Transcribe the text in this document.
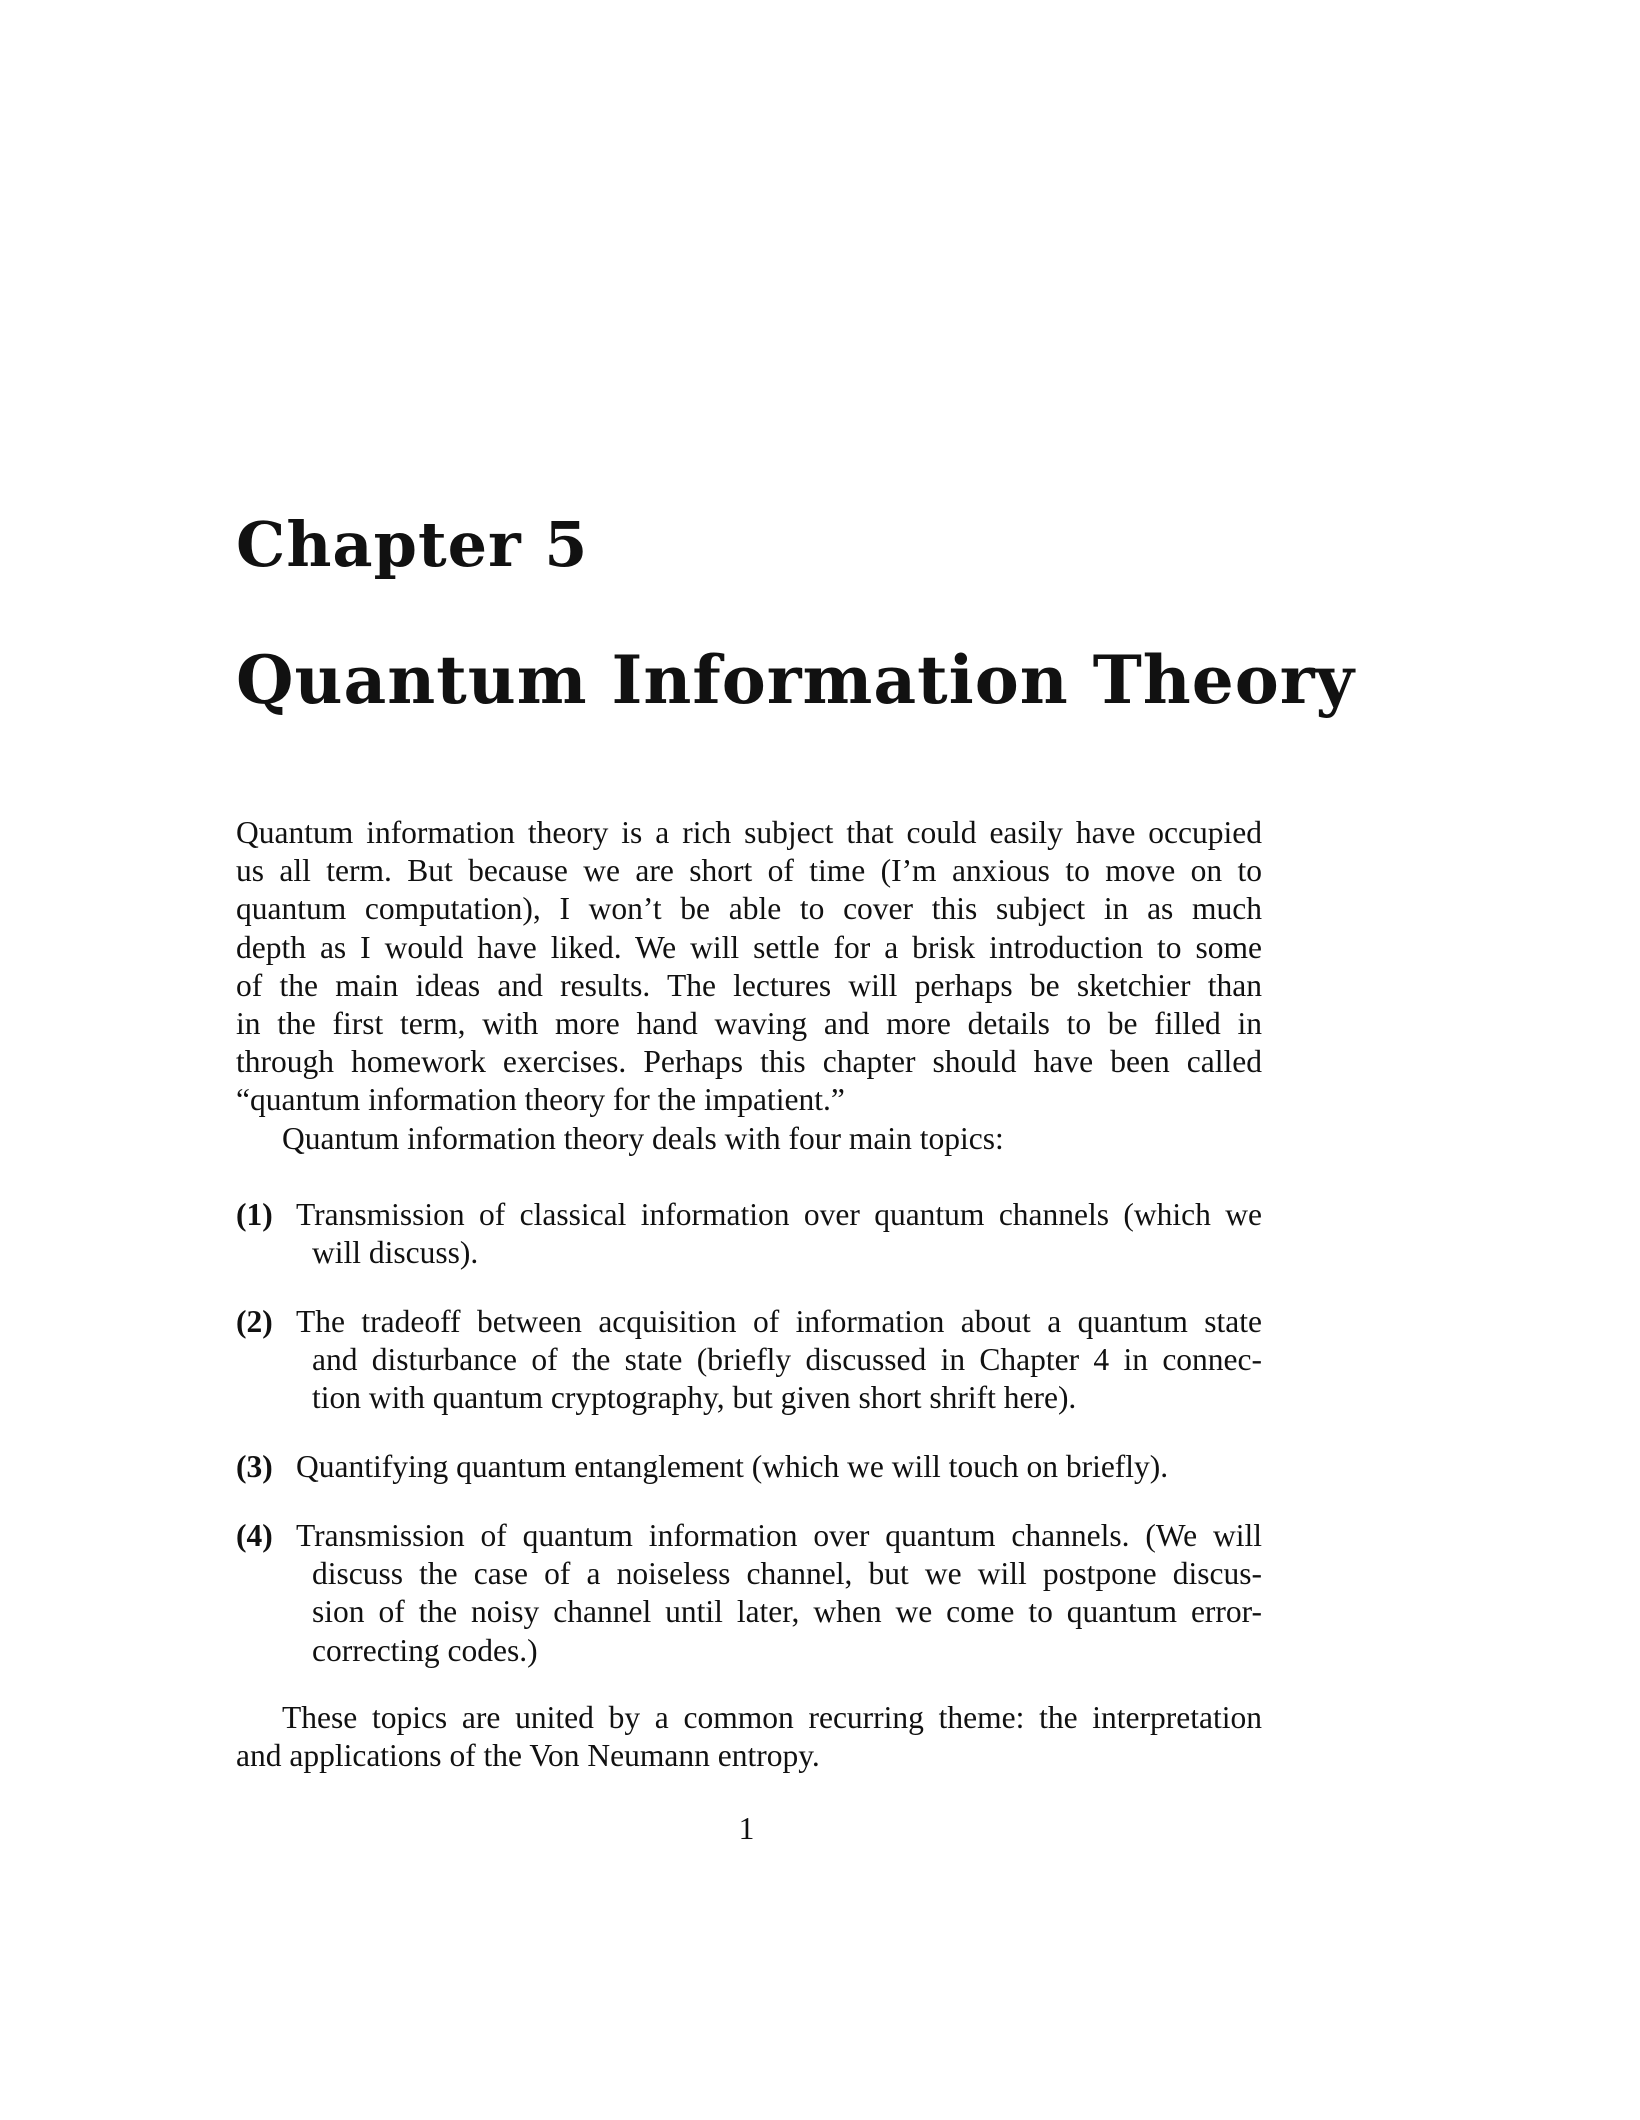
Chapter 5
Quantum Information Theory
Quantum information theory is a rich subject that could easily have occupied
us all term. But because we are short of time (I’m anxious to move on to
quantum computation), I won’t be able to cover this subject in as much
depth as I would have liked. We will settle for a brisk introduction to some
of the main ideas and results. The lectures will perhaps be sketchier than
in the first term, with more hand waving and more details to be filled in
through homework exercises. Perhaps this chapter should have been called
“quantum information theory for the impatient.”
Quantum information theory deals with four main topics:
(1) Transmission of classical information over quantum channels (which we
will discuss).
(2) The tradeoff between acquisition of information about a quantum state
and disturbance of the state (briefly discussed in Chapter 4 in connec-
tion with quantum cryptography, but given short shrift here).
(3) Quantifying quantum entanglement (which we will touch on briefly).
(4) Transmission of quantum information over quantum channels. (We will
discuss the case of a noiseless channel, but we will postpone discus-
sion of the noisy channel until later, when we come to quantum error-
correcting codes.)
These topics are united by a common recurring theme: the interpretation
and applications of the Von Neumann entropy.
1
